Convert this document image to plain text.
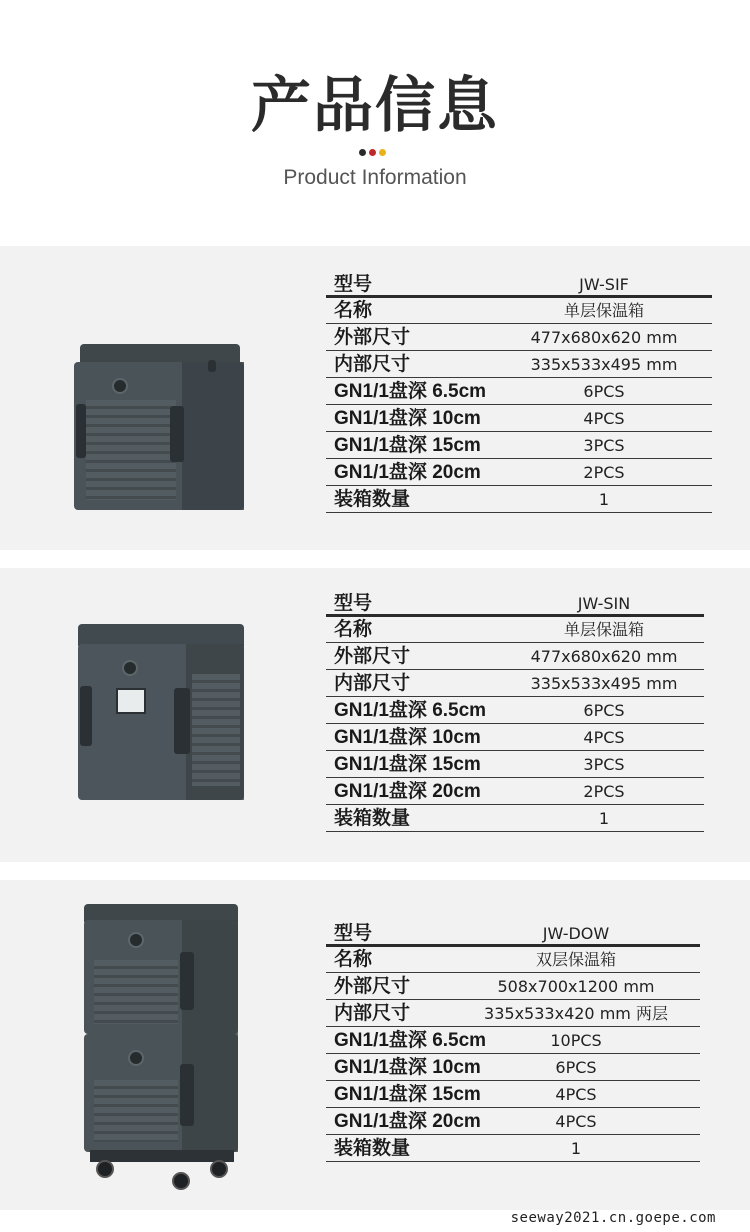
产品信息
Product Information
型号	JW-SIF
名称	单层保温箱
外部尺寸	477x680x620 mm
内部尺寸	335x533x495 mm
GN1/1盘深 6.5cm	6PCS
GN1/1盘深 10cm	4PCS
GN1/1盘深 15cm	3PCS
GN1/1盘深 20cm	2PCS
装箱数量	1
型号	JW-SIN
名称	单层保温箱
外部尺寸	477x680x620 mm
内部尺寸	335x533x495 mm
GN1/1盘深 6.5cm	6PCS
GN1/1盘深 10cm	4PCS
GN1/1盘深 15cm	3PCS
GN1/1盘深 20cm	2PCS
装箱数量	1
型号	JW-DOW
名称	双层保温箱
外部尺寸	508x700x1200 mm
内部尺寸	335x533x420 mm 两层
GN1/1盘深 6.5cm	10PCS
GN1/1盘深 10cm	6PCS
GN1/1盘深 15cm	4PCS
GN1/1盘深 20cm	4PCS
装箱数量	1
seeway2021.cn.goepe.com
